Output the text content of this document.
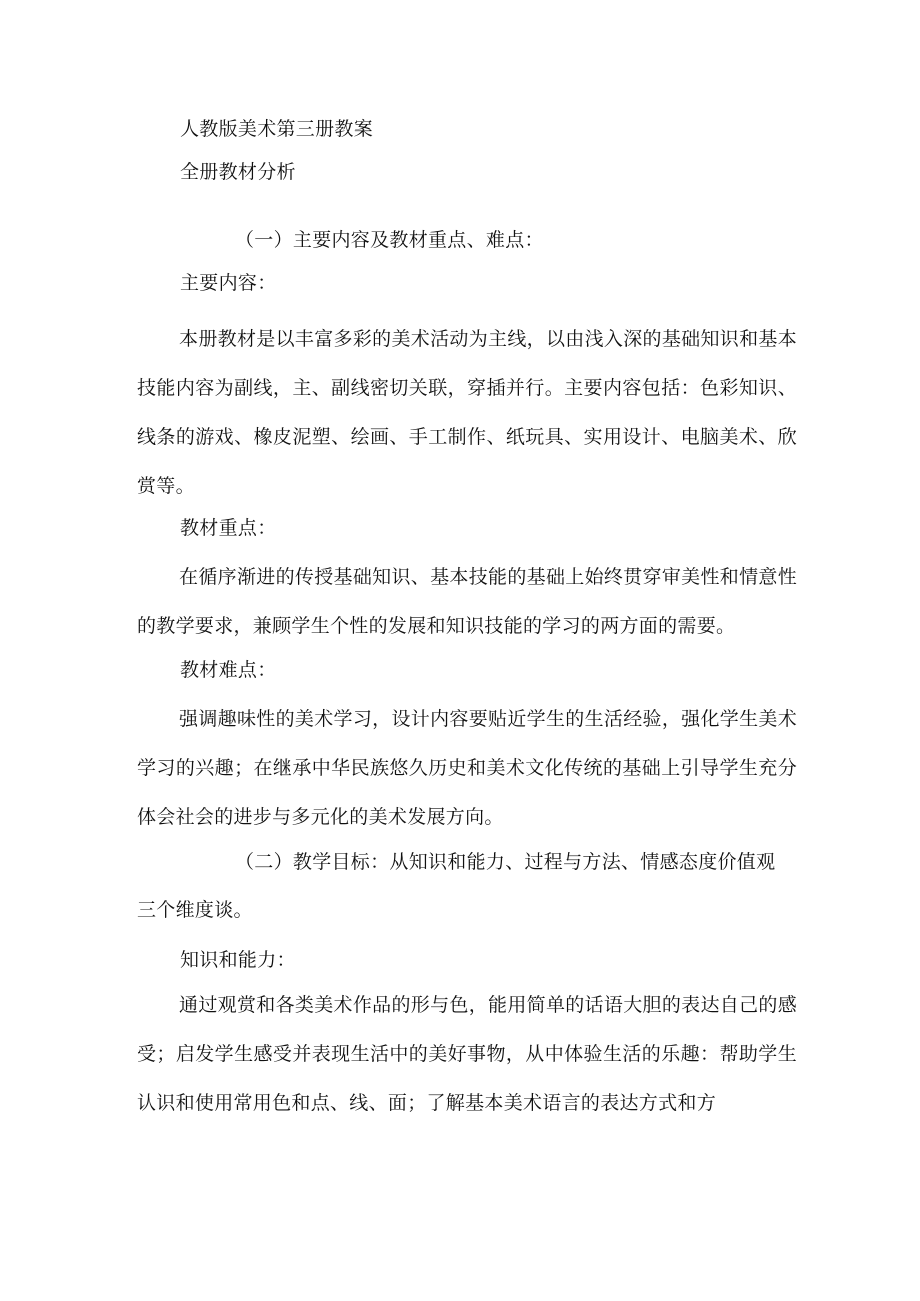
人教版美术第三册教案

全册教材分析

（一）主要内容及教材重点、难点：

主要内容：

本册教材是以丰富多彩的美术活动为主线，以由浅入深的基础知识和基本技能内容为副线，主、副线密切关联，穿插并行。主要内容包括：色彩知识、线条的游戏、橡皮泥塑、绘画、手工制作、纸玩具、实用设计、电脑美术、欣赏等。

教材重点：

在循序渐进的传授基础知识、基本技能的基础上始终贯穿审美性和情意性的教学要求，兼顾学生个性的发展和知识技能的学习的两方面的需要。

教材难点：

强调趣味性的美术学习，设计内容要贴近学生的生活经验，强化学生美术学习的兴趣；在继承中华民族悠久历史和美术文化传统的基础上引导学生充分体会社会的进步与多元化的美术发展方向。

（二）教学目标：从知识和能力、过程与方法、情感态度价值观

三个维度谈。

知识和能力：

通过观赏和各类美术作品的形与色，能用简单的话语大胆的表达自己的感受；启发学生感受并表现生活中的美好事物，从中体验生活的乐趣：帮助学生认识和使用常用色和点、线、面；了解基本美术语言的表达方式和方
